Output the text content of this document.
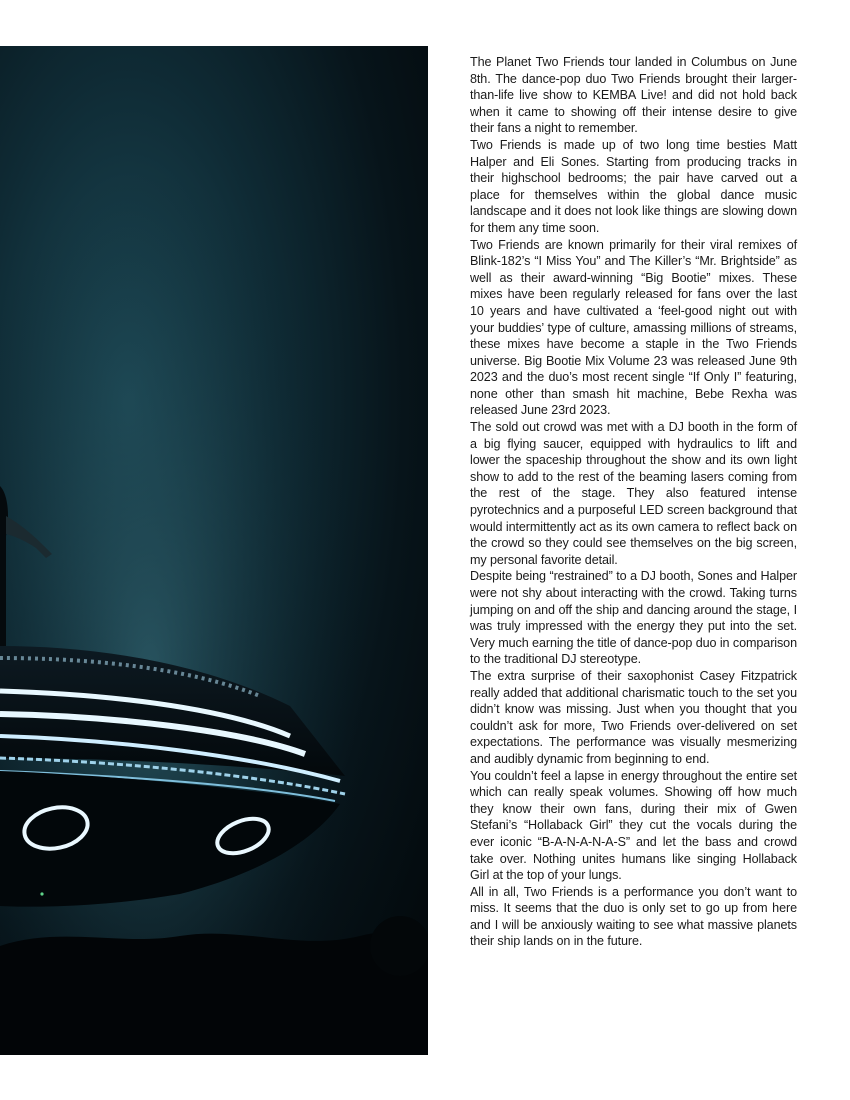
The Planet Two Friends tour landed in Columbus on June 8th. The dance-pop duo Two Friends brought their larger-than-life live show to KEMBA Live! and did not hold back when it came to showing off their intense desire to give their fans a night to remember.

Two Friends is made up of two long time besties Matt Halper and Eli Sones. Starting from producing tracks in their highschool bedrooms; the pair have carved out a place for themselves within the global dance music landscape and it does not look like things are slowing down for them any time soon.

Two Friends are known primarily for their viral remixes of Blink-182’s “I Miss You” and The Killer’s “Mr. Brightside” as well as their award-winning “Big Bootie” mixes. These mixes have been regularly released for fans over the last 10 years and have cultivated a ‘feel-good night out with your buddies’ type of culture, amassing millions of streams, these mixes have become a staple in the Two Friends universe. Big Bootie Mix Volume 23 was released June 9th 2023 and the duo’s most recent single “If Only I” featuring, none other than smash hit machine, Bebe Rexha was released June 23rd 2023.

The sold out crowd was met with a DJ booth in the form of a big flying saucer, equipped with hydraulics to lift and lower the spaceship throughout the show and its own light show to add to the rest of the beaming lasers coming from the rest of the stage. They also featured intense pyrotechnics and a purposeful LED screen background that would intermittently act as its own camera to reflect back on the crowd so they could see themselves on the big screen, my personal favorite detail.

Despite being “restrained” to a DJ booth, Sones and Halper were not shy about interacting with the crowd. Taking turns jumping on and off the ship and dancing around the stage, I was truly impressed with the energy they put into the set. Very much earning the title of dance-pop duo in comparison to the traditional DJ stereotype.

The extra surprise of their saxophonist Casey Fitzpatrick really added that additional charismatic touch to the set you didn’t know was missing. Just when you thought that you couldn’t ask for more, Two Friends over-delivered on set expectations. The performance was visually mesmerizing and audibly dynamic from beginning to end.

You couldn’t feel a lapse in energy throughout the entire set which can really speak volumes. Showing off how much they know their own fans, during their mix of Gwen Stefani’s “Hollaback Girl” they cut the vocals during the ever iconic “B-A-N-A-N-A-S” and let the bass and crowd take over. Nothing unites humans like singing Hollaback Girl at the top of your lungs.

All in all, Two Friends is a performance you don’t want to miss. It seems that the duo is only set to go up from here and I will be anxiously waiting to see what massive planets their ship lands on in the future.
